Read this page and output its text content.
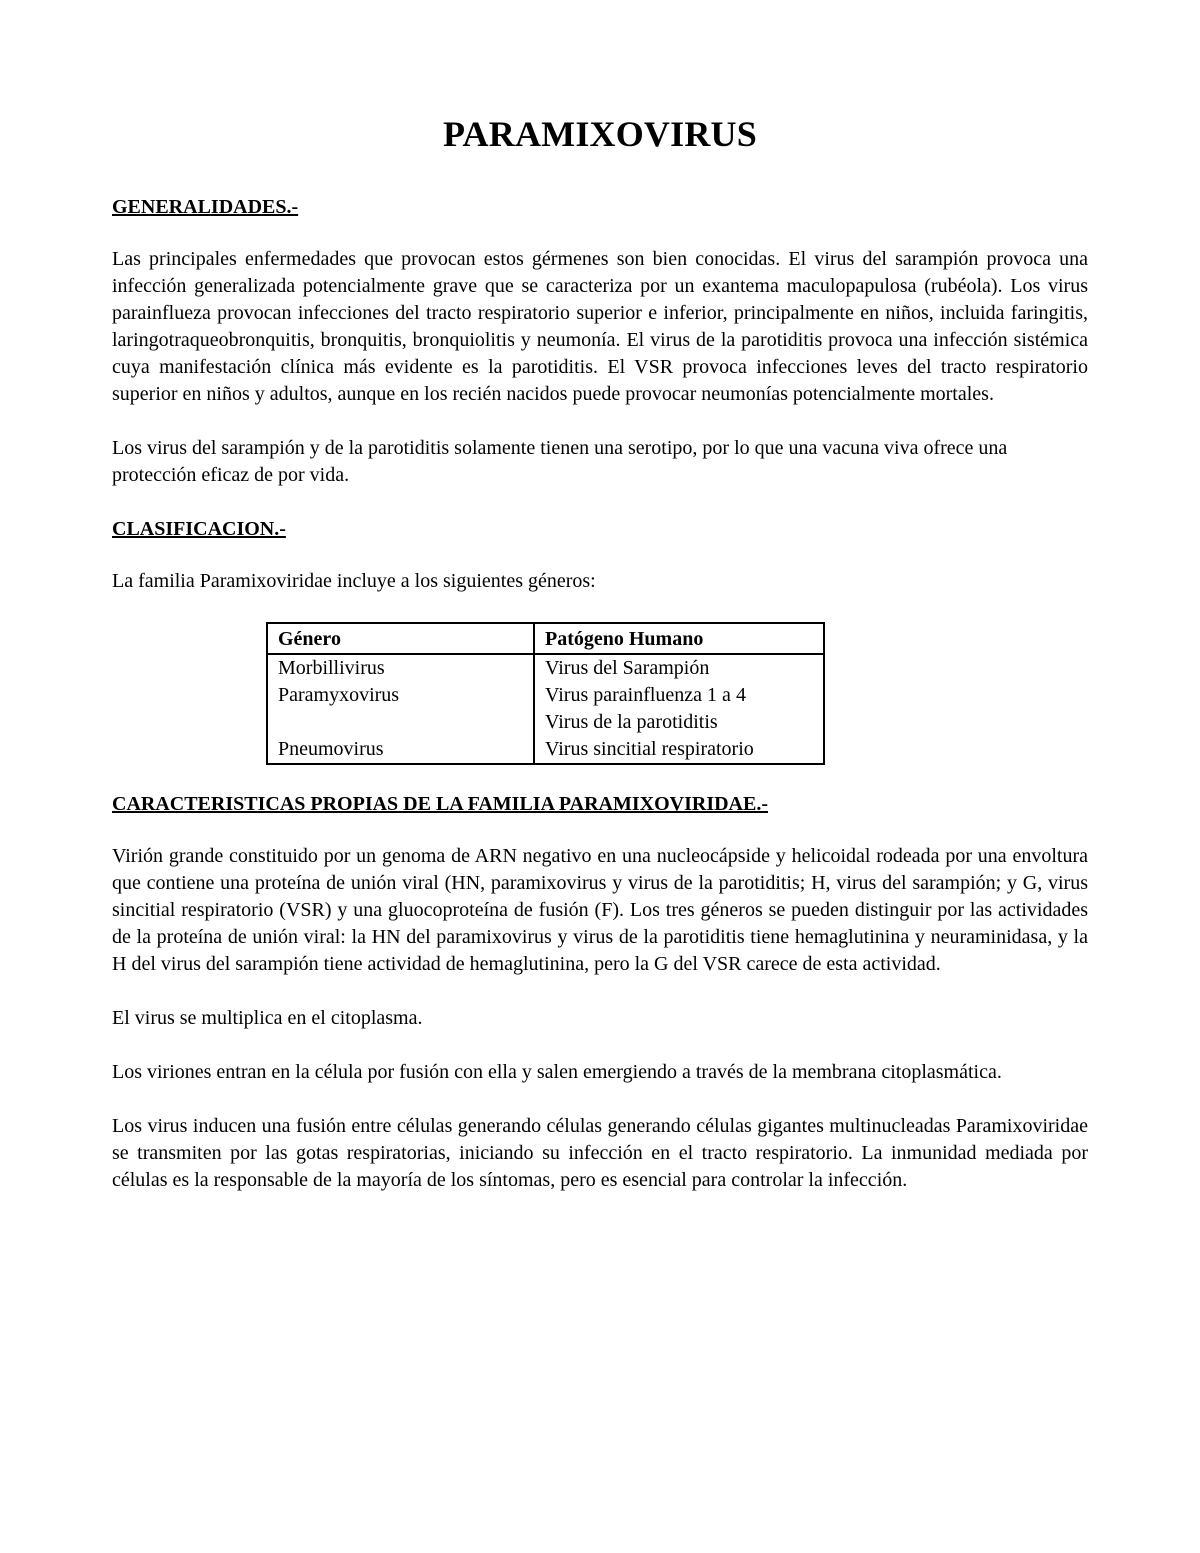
PARAMIXOVIRUS
GENERALIDADES.-

Las principales enfermedades que provocan estos gérmenes son bien conocidas. El virus del sarampión provoca una infección generalizada potencialmente grave que se caracteriza por un exantema maculopapulosa (rubéola). Los virus parainflueza provocan infecciones del tracto respiratorio superior e inferior, principalmente en niños, incluida faringitis, laringotraqueobronquitis, bronquitis, bronquiolitis y neumonía. El virus de la parotiditis provoca una infección sistémica cuya manifestación clínica más evidente es la parotiditis. El VSR provoca infecciones leves del tracto respiratorio superior en niños y adultos, aunque en los recién nacidos puede provocar neumonías potencialmente mortales.

Los virus del sarampión y de la parotiditis solamente tienen una serotipo, por lo que una vacuna viva ofrece una protección eficaz de por vida.

CLASIFICACION.-

La familia Paramixoviridae incluye a los siguientes géneros:

Género	Patógeno Humano
Morbillivirus	Virus del Sarampión
Paramyxovirus	Virus parainfluenza 1 a 4
	Virus de la parotiditis
Pneumovirus	Virus sincitial respiratorio
CARACTERISTICAS PROPIAS DE LA FAMILIA PARAMIXOVIRIDAE.-

Virión grande constituido por un genoma de ARN negativo en una nucleocápside y helicoidal rodeada por una envoltura que contiene una proteína de unión viral (HN, paramixovirus y virus de la parotiditis; H, virus del sarampión; y G, virus sincitial respiratorio (VSR) y una gluocoproteína de fusión (F). Los tres géneros se pueden distinguir por las actividades de la proteína de unión viral: la HN del paramixovirus y virus de la parotiditis tiene hemaglutinina y neuraminidasa, y la H del virus del sarampión tiene actividad de hemaglutinina, pero la G del VSR carece de esta actividad.

El virus se multiplica en el citoplasma.

Los viriones entran en la célula por fusión con ella y salen emergiendo a través de la membrana citoplasmática.

Los virus inducen una fusión entre células generando células generando células gigantes multinucleadas Paramixoviridae se transmiten por las gotas respiratorias, iniciando su infección en el tracto respiratorio. La inmunidad mediada por células es la responsable de la mayoría de los síntomas, pero es esencial para controlar la infección.
